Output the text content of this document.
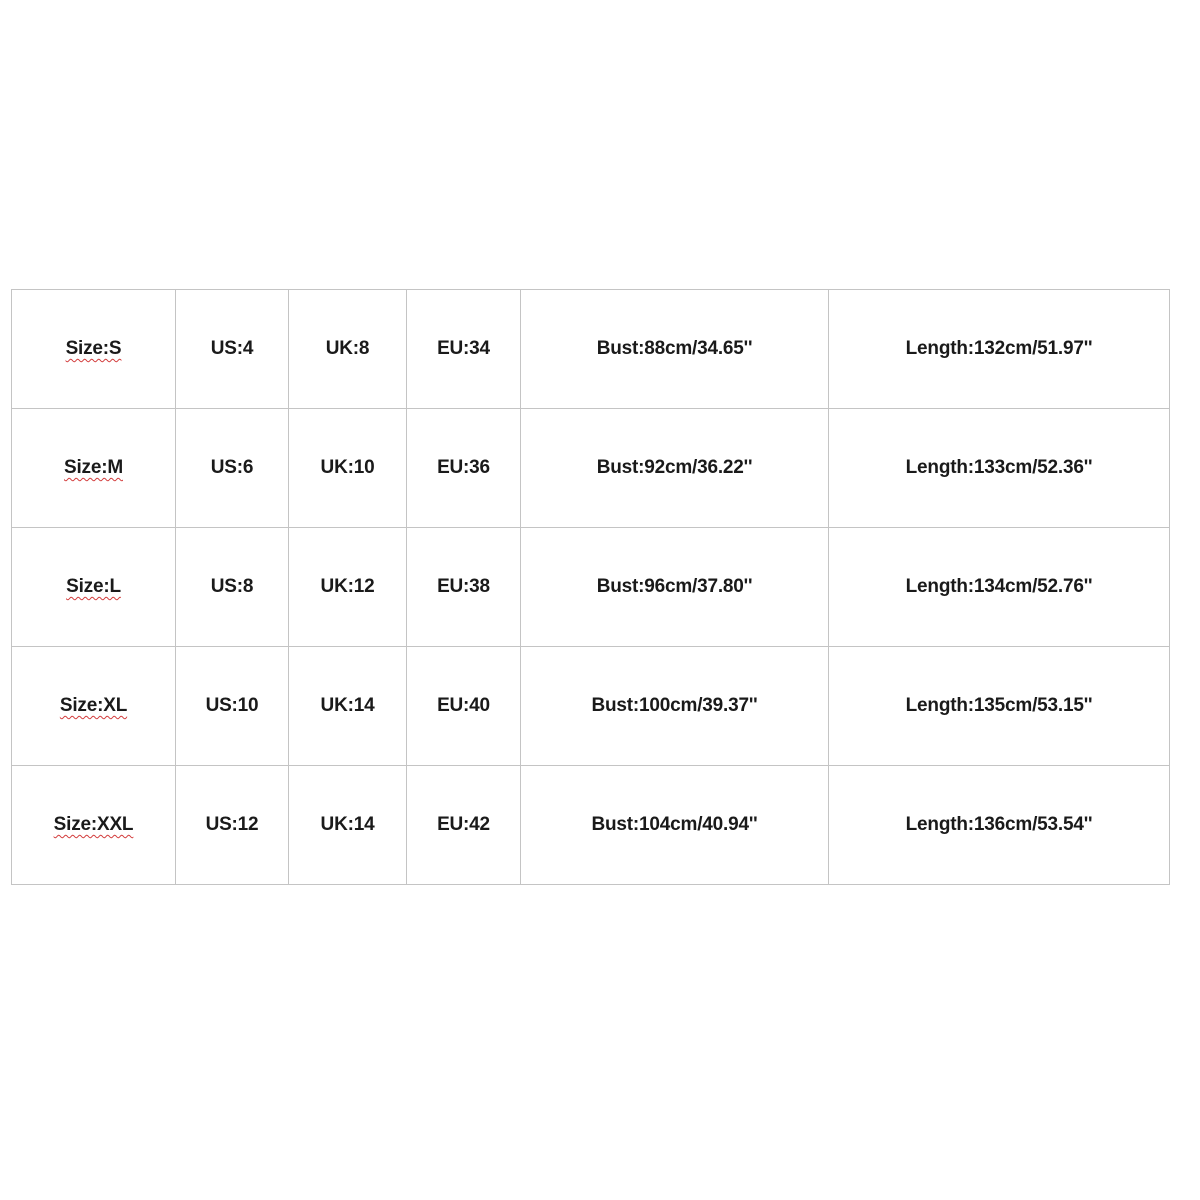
Size:S	US:4	UK:8	EU:34	Bust:88cm/34.65''	Length:132cm/51.97''
Size:M	US:6	UK:10	EU:36	Bust:92cm/36.22''	Length:133cm/52.36''
Size:L	US:8	UK:12	EU:38	Bust:96cm/37.80''	Length:134cm/52.76''
Size:XL	US:10	UK:14	EU:40	Bust:100cm/39.37''	Length:135cm/53.15''
Size:XXL	US:12	UK:14	EU:42	Bust:104cm/40.94''	Length:136cm/53.54''
